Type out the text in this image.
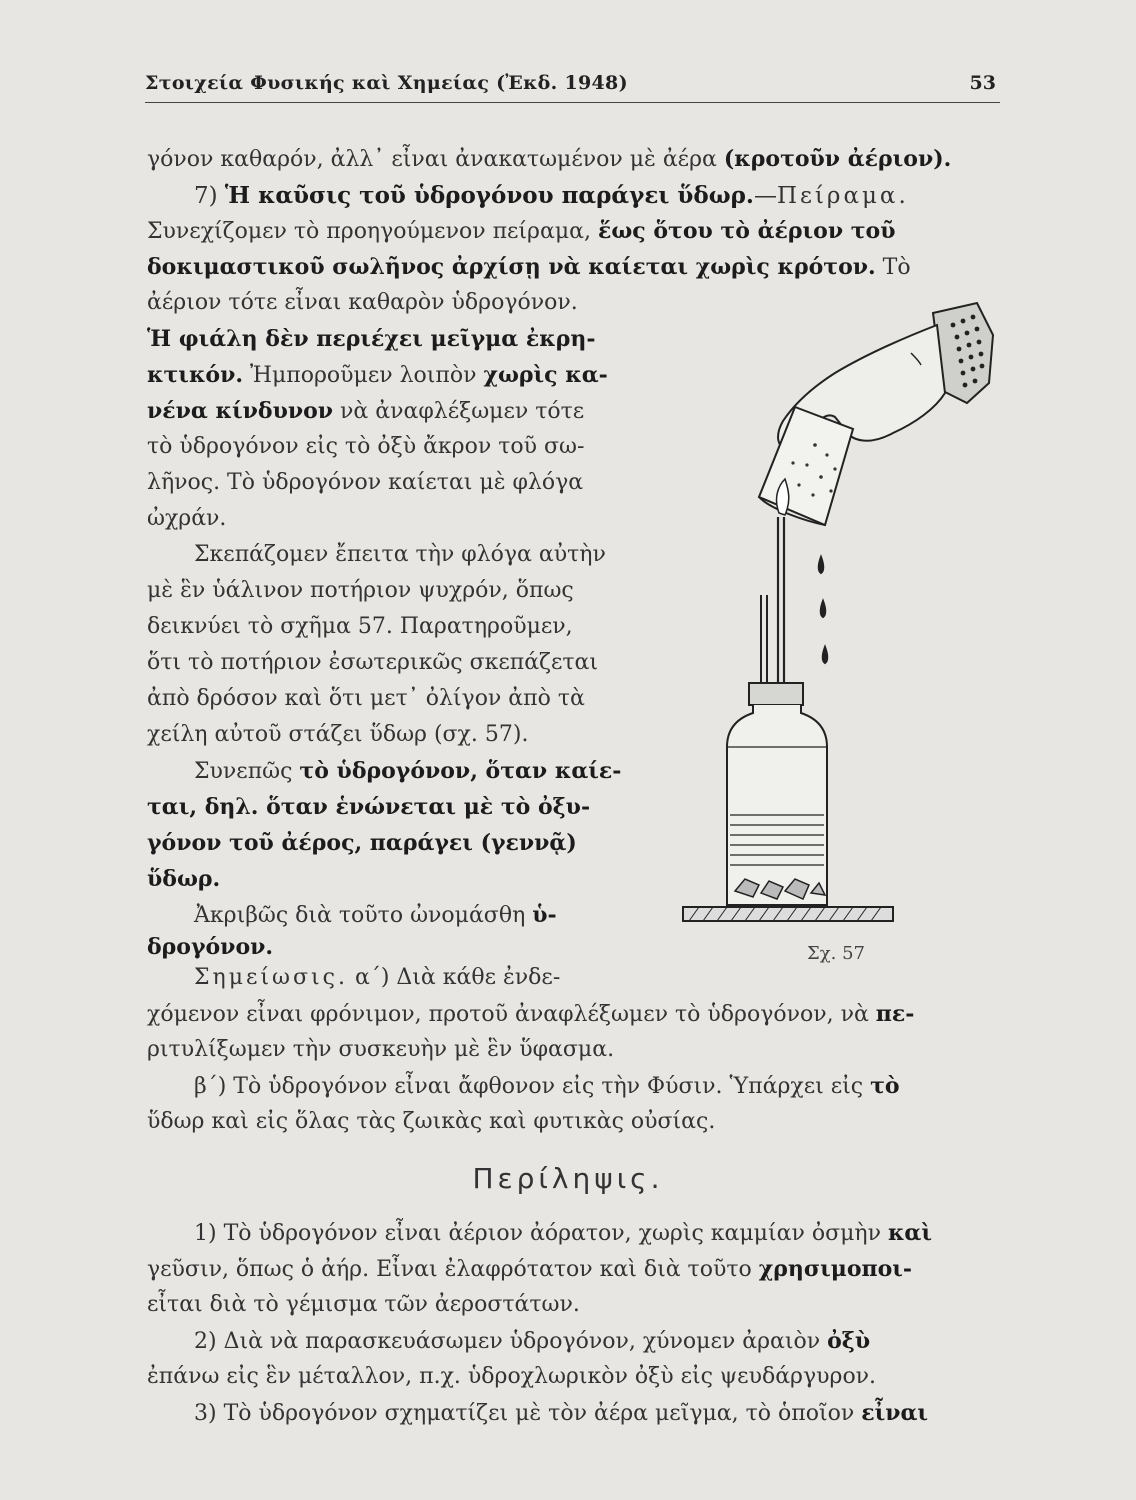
Στοιχεία Φυσικής καὶ Χημείας (Ἐκδ. 1948)	53
γόνον καθαρόν, ἀλλ᾽ εἶναι ἀνακατωμένον μὲ ἀέρα (κροτοῦν ἀέριον).
7) Ἡ καῦσις τοῦ ὑδρογόνου παράγει ὕδωρ.—Πείραμα.
Συνεχίζομεν τὸ προηγούμενον πείραμα, ἕως ὅτου τὸ ἀέριον τοῦ
δοκιμαστικοῦ σωλῆνος ἀρχίσῃ νὰ καίεται χωρὶς κρότον. Τὸ
ἀέριον τότε εἶναι καθαρὸν ὑδρογόνον.
Ἡ φιάλη δὲν περιέχει μεῖγμα ἐκρη-
κτικόν. Ἠμποροῦμεν λοιπὸν χωρὶς κα-
νένα κίνδυνον νὰ ἀναφλέξωμεν τότε
τὸ ὑδρογόνον εἰς τὸ ὀξὺ ἄκρον τοῦ σω-
λῆνος. Τὸ ὑδρογόνον καίεται μὲ φλόγα
ὠχράν.
Σκεπάζομεν ἔπειτα τὴν φλόγα αὐτὴν
μὲ ἓν ὑάλινον ποτήριον ψυχρόν, ὅπως
δεικνύει τὸ σχῆμα 57. Παρατηροῦμεν,
ὅτι τὸ ποτήριον ἐσωτερικῶς σκεπάζεται
ἀπὸ δρόσον καὶ ὅτι μετ᾽ ὀλίγον ἀπὸ τὰ
χείλη αὐτοῦ στάζει ὕδωρ (σχ. 57).
Συνεπῶς τὸ ὑδρογόνον, ὅταν καίε-
ται, δηλ. ὅταν ἑνώνεται μὲ τὸ ὀξυ-
γόνον τοῦ ἀέρος, παράγει (γεννᾷ)
ὕδωρ.
Ἀκριβῶς διὰ τοῦτο ὠνομάσθη ὑ-
δρογόνον.
Σημείωσις. α΄) Διὰ κάθε ἐνδε-
χόμενον εἶναι φρόνιμον, προτοῦ ἀναφλέξωμεν τὸ ὑδρογόνον, νὰ πε-
ριτυλίξωμεν τὴν συσκευὴν μὲ ἓν ὕφασμα.
β΄) Τὸ ὑδρογόνον εἶναι ἄφθονον εἰς τὴν Φύσιν. Ὑπάρχει εἰς τὸ
ὕδωρ καὶ εἰς ὅλας τὰς ζωικὰς καὶ φυτικὰς οὐσίας.
Περίληψις.
1) Τὸ ὑδρογόνον εἶναι ἀέριον ἀόρατον, χωρὶς καμμίαν ὀσμὴν καὶ
γεῦσιν, ὅπως ὁ ἀήρ. Εἶναι ἐλαφρότατον καὶ διὰ τοῦτο χρησιμοποι-
εἶται διὰ τὸ γέμισμα τῶν ἀεροστάτων.
2) Διὰ νὰ παρασκευάσωμεν ὑδρογόνον, χύνομεν ἀραιὸν ὀξὺ
ἐπάνω εἰς ἓν μέταλλον, π.χ. ὑδροχλωρικὸν ὀξὺ εἰς ψευδάργυρον.
3) Τὸ ὑδρογόνον σχηματίζει μὲ τὸν ἀέρα μεῖγμα, τὸ ὁποῖον εἶναι
Σχ. 57
